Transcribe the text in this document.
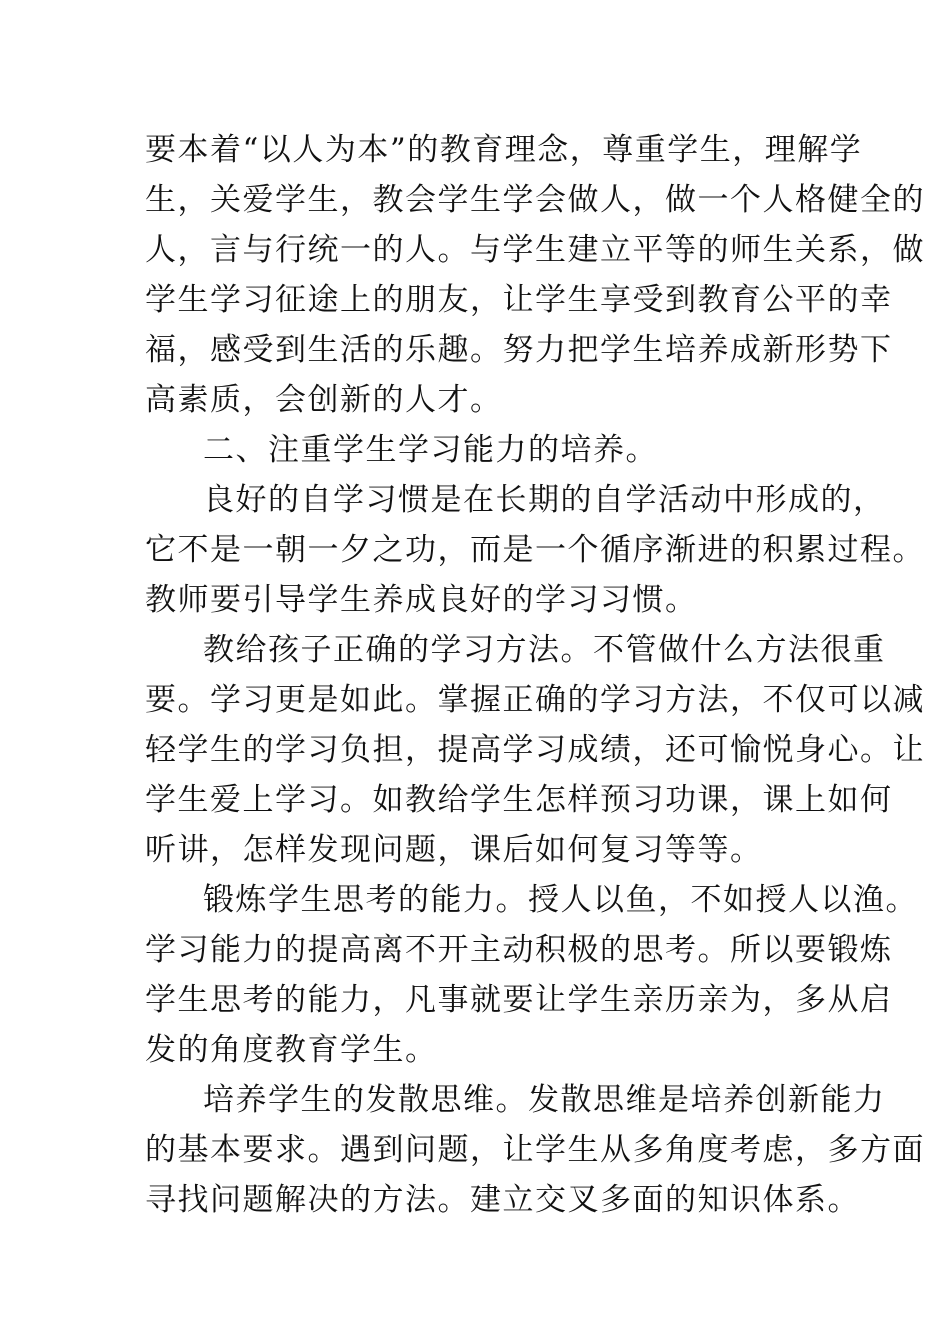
要本着“以人为本”的教育理念，尊重学生，理解学
生，关爱学生，教会学生学会做人，做一个人格健全的
人，言与行统一的人。与学生建立平等的师生关系，做
学生学习征途上的朋友，让学生享受到教育公平的幸
福，感受到生活的乐趣。努力把学生培养成新形势下
高素质，会创新的人才。
二、注重学生学习能力的培养。
良好的自学习惯是在长期的自学活动中形成的，
它不是一朝一夕之功，而是一个循序渐进的积累过程。
教师要引导学生养成良好的学习习惯。
教给孩子正确的学习方法。不管做什么方法很重
要。学习更是如此。掌握正确的学习方法，不仅可以减
轻学生的学习负担，提高学习成绩，还可愉悦身心。让
学生爱上学习。如教给学生怎样预习功课，课上如何
听讲，怎样发现问题，课后如何复习等等。
锻炼学生思考的能力。授人以鱼，不如授人以渔。
学习能力的提高离不开主动积极的思考。所以要锻炼
学生思考的能力，凡事就要让学生亲历亲为，多从启
发的角度教育学生。
培养学生的发散思维。发散思维是培养创新能力
的基本要求。遇到问题，让学生从多角度考虑，多方面
寻找问题解决的方法。建立交叉多面的知识体系。
